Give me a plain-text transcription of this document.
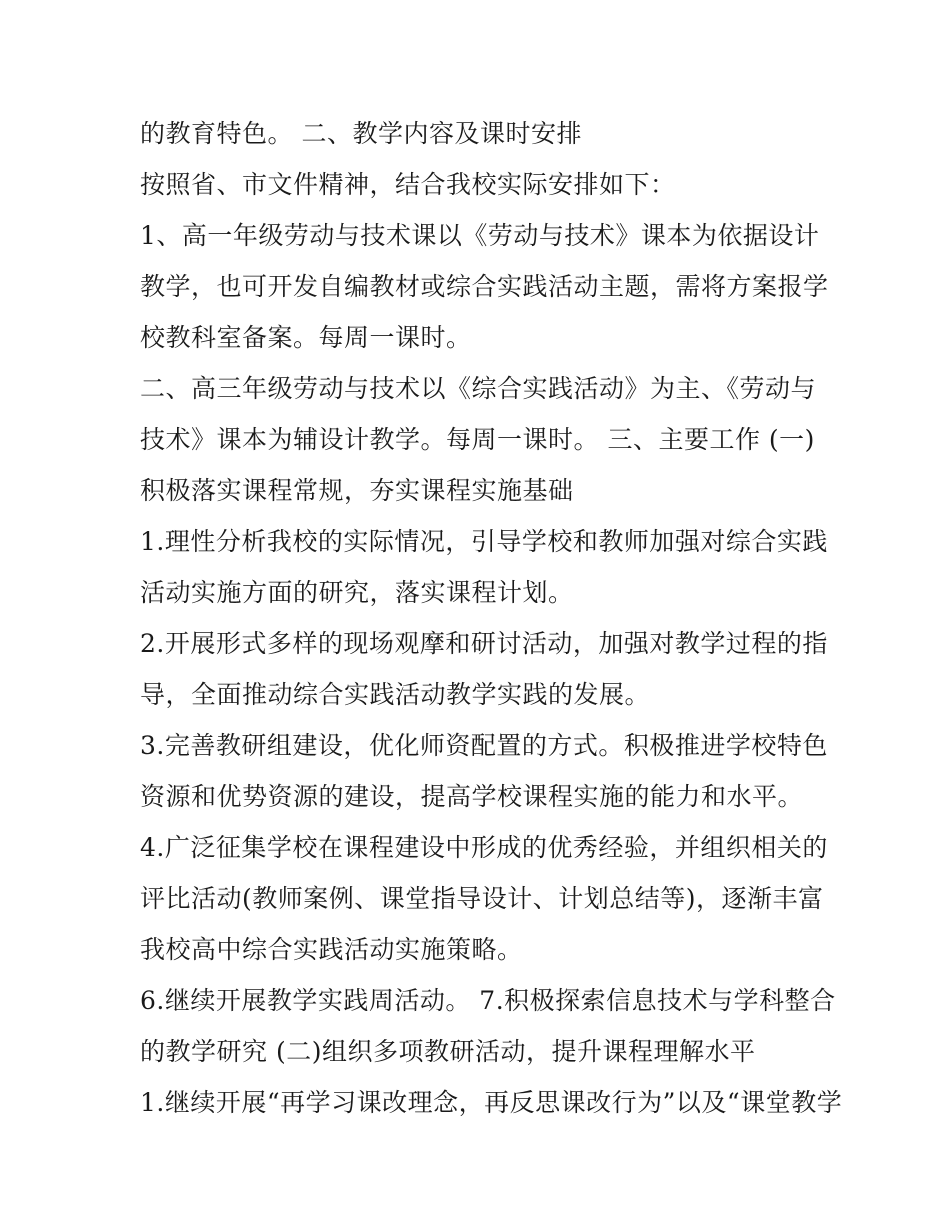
的教育特色。 二、教学内容及课时安排
按照省、市文件精神，结合我校实际安排如下：
1、高一年级劳动与技术课以《劳动与技术》课本为依据设计
教学，也可开发自编教材或综合实践活动主题，需将方案报学
校教科室备案。每周一课时。
二、高三年级劳动与技术以《综合实践活动》为主、《劳动与
技术》课本为辅设计教学。每周一课时。 三、主要工作 (一)
积极落实课程常规，夯实课程实施基础
1.理性分析我校的实际情况，引导学校和教师加强对综合实践
活动实施方面的研究，落实课程计划。
2.开展形式多样的现场观摩和研讨活动，加强对教学过程的指
导，全面推动综合实践活动教学实践的发展。
3.完善教研组建设，优化师资配置的方式。积极推进学校特色
资源和优势资源的建设，提高学校课程实施的能力和水平。
4.广泛征集学校在课程建设中形成的优秀经验，并组织相关的
评比活动(教师案例、课堂指导设计、计划总结等)，逐渐丰富
我校高中综合实践活动实施策略。
6.继续开展教学实践周活动。 7.积极探索信息技术与学科整合
的教学研究 (二)组织多项教研活动，提升课程理解水平
1.继续开展“再学习课改理念，再反思课改行为”以及“课堂教学
